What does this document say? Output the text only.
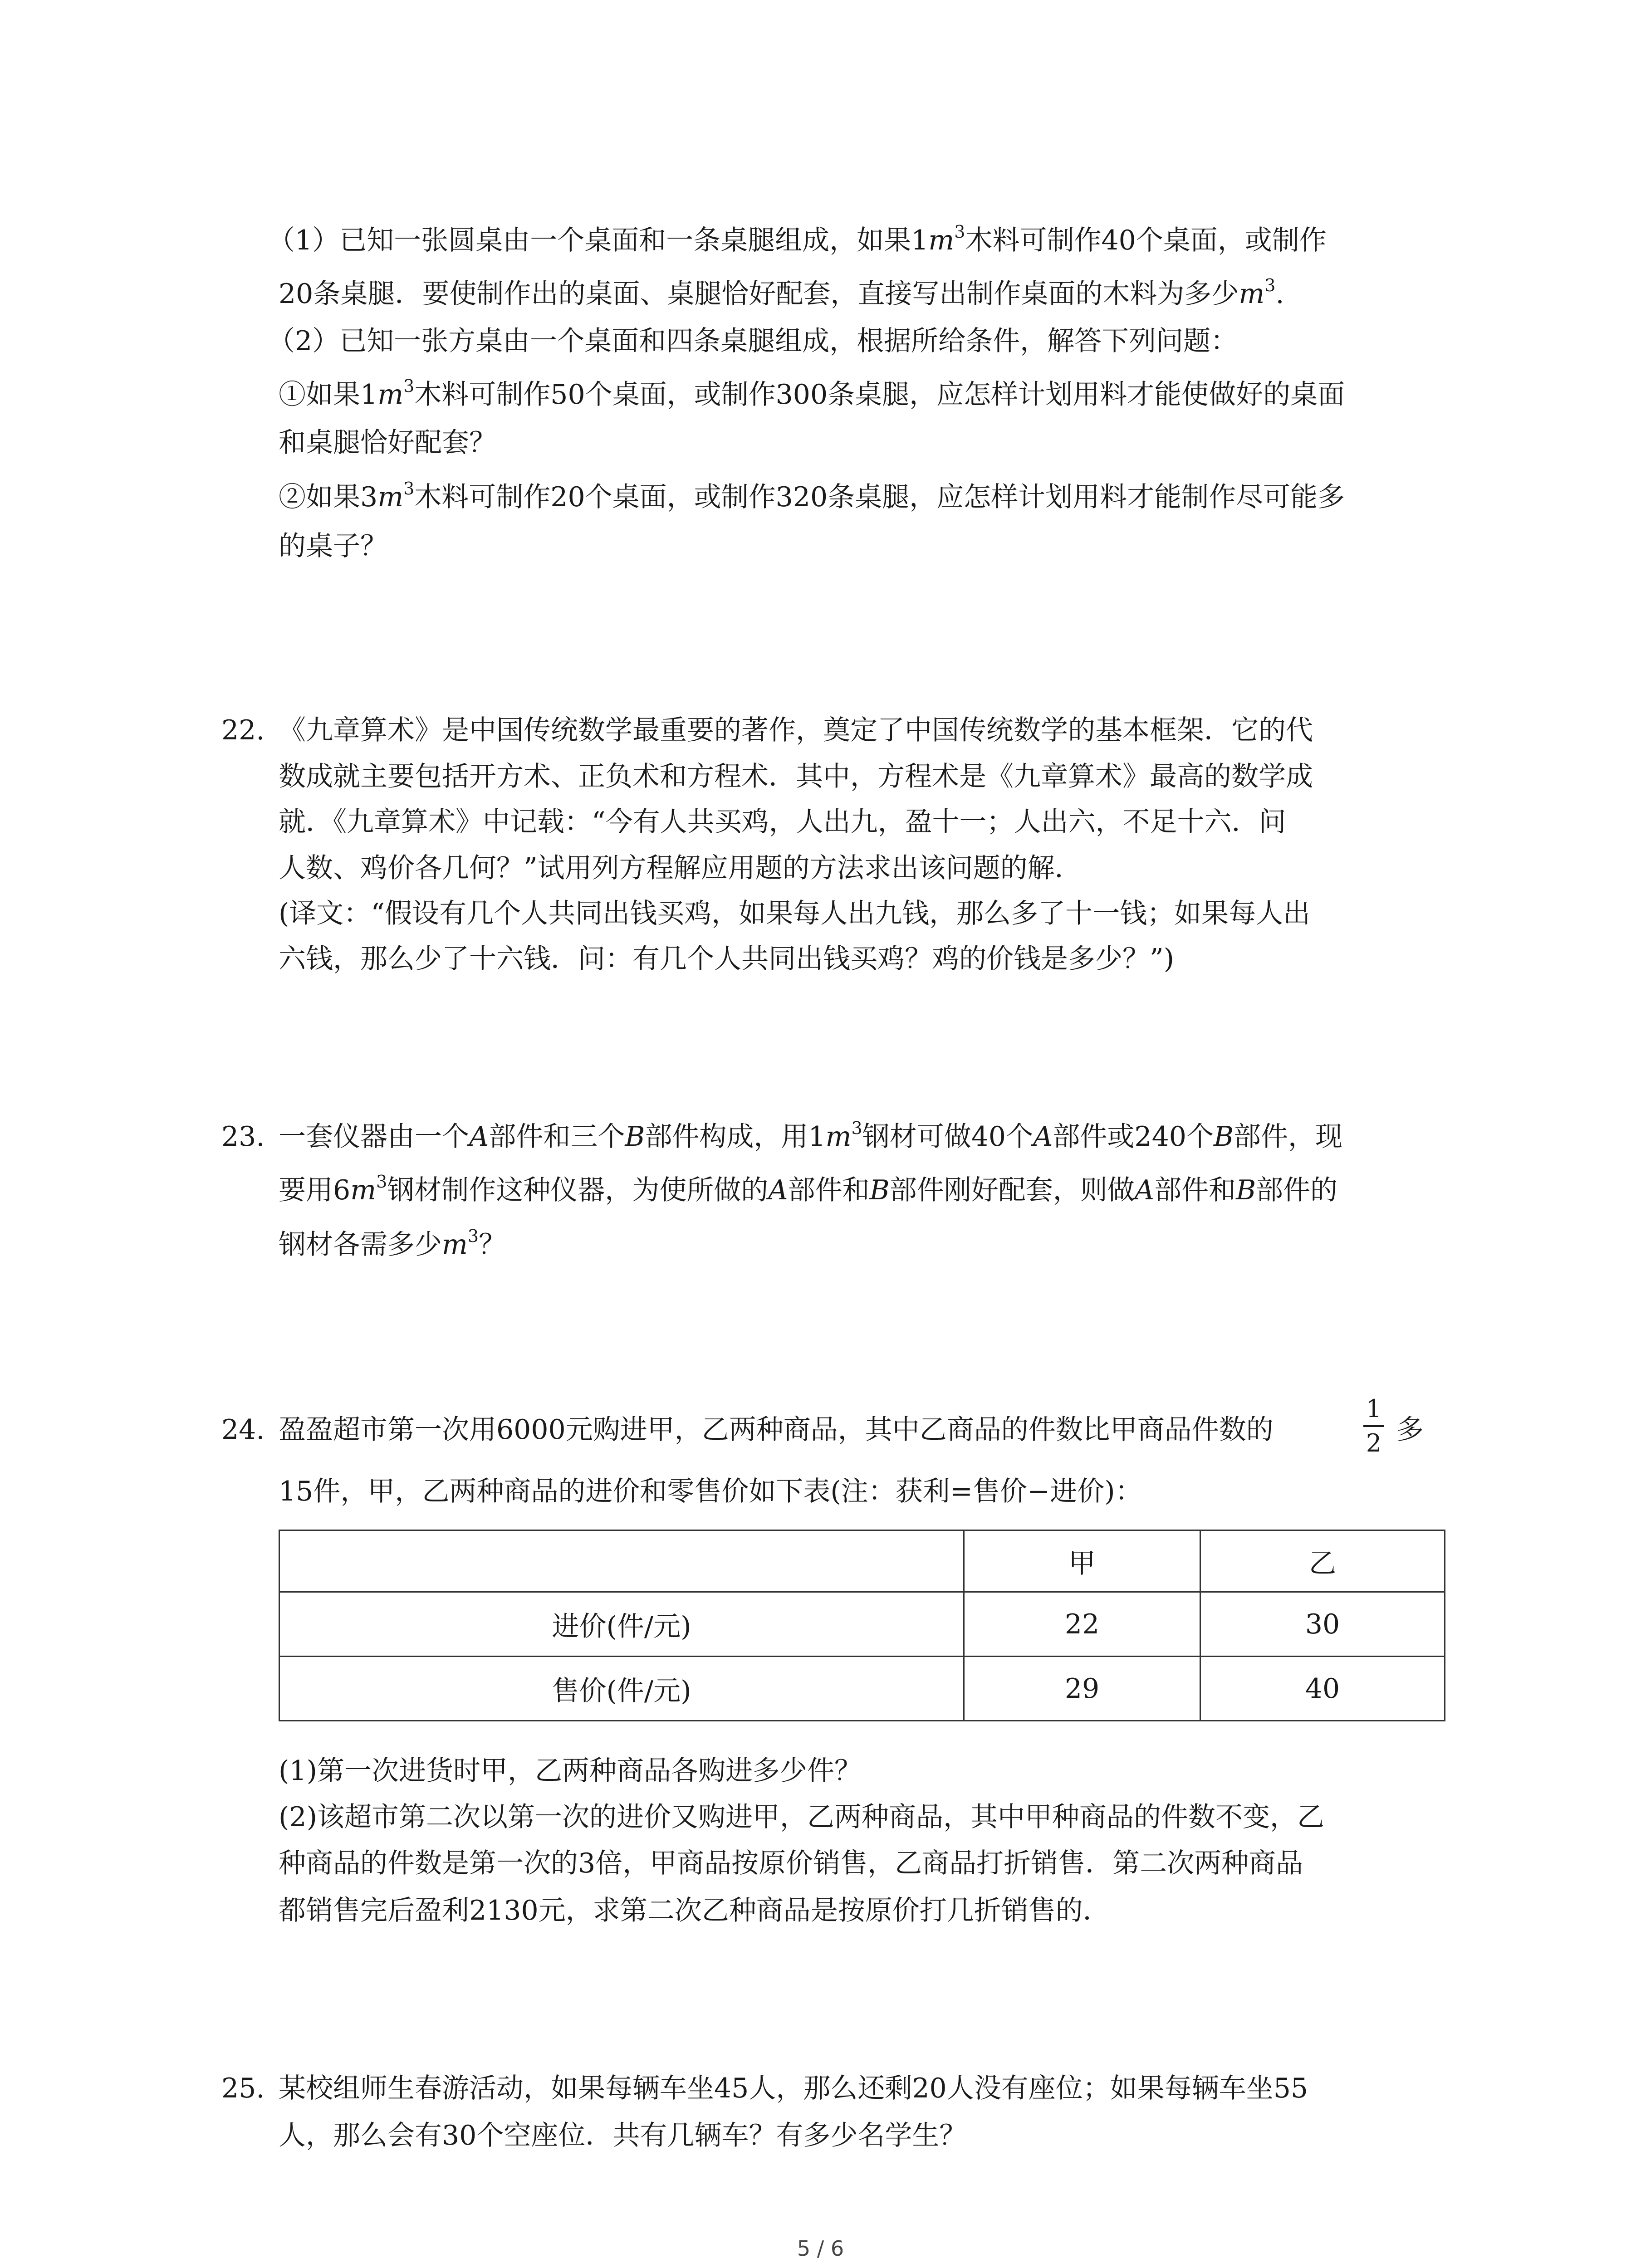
（1）已知一张圆桌由一个桌面和一条桌腿组成，如果$1m^3$木料可制作40个桌面，或制作
20条桌腿．要使制作出的桌面、桌腿恰好配套，直接写出制作桌面的木料为多少$m^3$.
（2）已知一张方桌由一个桌面和四条桌腿组成，根据所给条件，解答下列问题：
①如果$1m^3$木料可制作50个桌面，或制作300条桌腿，应怎样计划用料才能使做好的桌面
和桌腿恰好配套？
②如果$3m^3$木料可制作20个桌面，或制作320条桌腿，应怎样计划用料才能制作尽可能多
的桌子？
22. 《九章算术》是中国传统数学最重要的著作，奠定了中国传统数学的基本框架．它的代
数成就主要包括开方术、正负术和方程术．其中，方程术是《九章算术》最高的数学成
就．《九章算术》中记载：“今有人共买鸡，人出九，盈十一；人出六，不足十六．问
人数、鸡价各几何？”试用列方程解应用题的方法求出该问题的解．
(译文：“假设有几个人共同出钱买鸡，如果每人出九钱，那么多了十一钱；如果每人出
六钱，那么少了十六钱．问：有几个人共同出钱买鸡？鸡的价钱是多少？”)
23. 一套仪器由一个A部件和三个B部件构成，用$1m^3$钢材可做40个A部件或240个B部件，现
要用$6m^3$钢材制作这种仪器，为使所做的A部件和B部件刚好配套，则做A部件和B部件的
钢材各需多少$m^3$？
24. 盈盈超市第一次用6000元购进甲，乙两种商品，其中乙商品的件数比甲商品件数的
1
2 多
15件，甲，乙两种商品的进价和零售价如下表(注：获利=售价−进价)：
	甲	乙
进价(件/元)	22	30
售价(件/元)	29	40
(1)第一次进货时甲，乙两种商品各购进多少件？
(2)该超市第二次以第一次的进价又购进甲，乙两种商品，其中甲种商品的件数不变，乙
种商品的件数是第一次的3倍，甲商品按原价销售，乙商品打折销售．第二次两种商品
都销售完后盈利2130元，求第二次乙种商品是按原价打几折销售的．
25. 某校组师生春游活动，如果每辆车坐45人，那么还剩20人没有座位；如果每辆车坐55
人，那么会有30个空座位．共有几辆车？有多少名学生？
5 / 6
